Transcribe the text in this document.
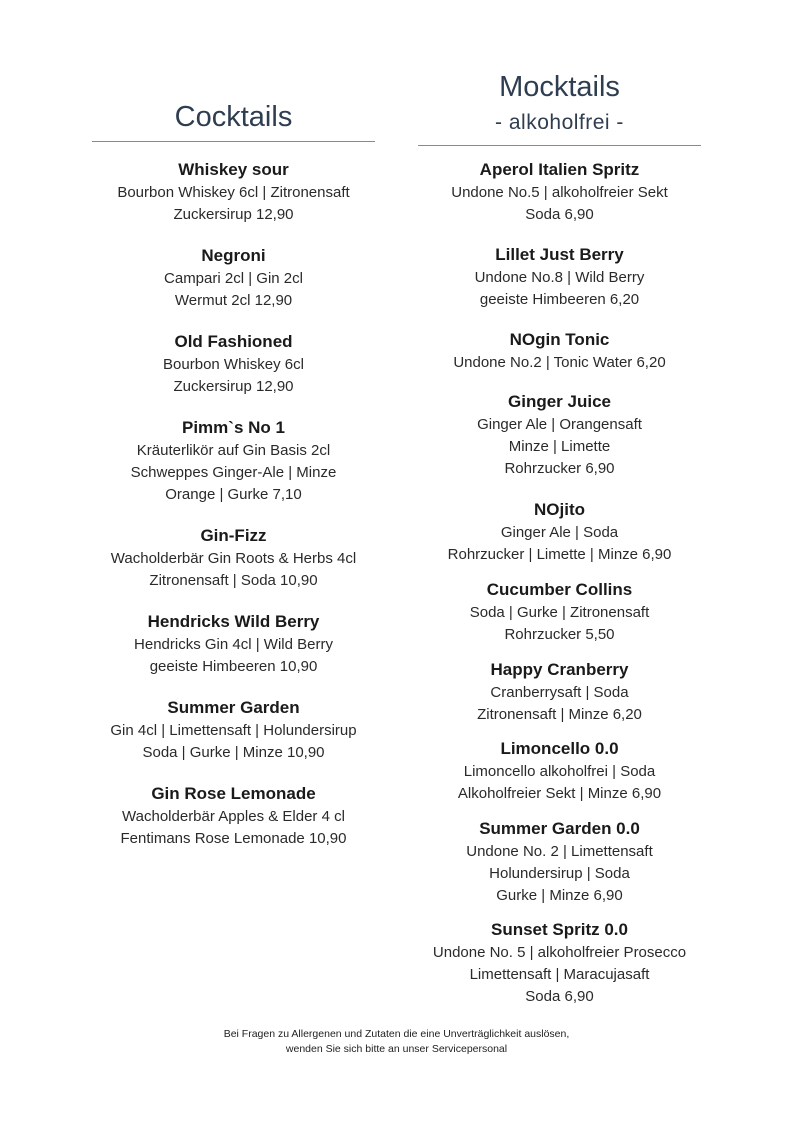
Cocktails
Whiskey sour
Bourbon Whiskey 6cl | Zitronensaft
Zuckersirup 12,90
Negroni
Campari 2cl | Gin 2cl
Wermut 2cl 12,90
Old Fashioned
Bourbon Whiskey 6cl
Zuckersirup 12,90
Pimm`s No 1
Kräuterlikör auf Gin Basis 2cl
Schweppes Ginger-Ale | Minze
Orange | Gurke 7,10
Gin-Fizz
Wacholderbär Gin Roots & Herbs 4cl
Zitronensaft | Soda 10,90
Hendricks Wild Berry
Hendricks Gin 4cl | Wild Berry
geeiste Himbeeren 10,90
Summer Garden
Gin 4cl | Limettensaft | Holundersirup
Soda | Gurke | Minze 10,90
Gin Rose Lemonade
Wacholderbär Apples & Elder 4 cl
Fentimans Rose Lemonade 10,90
Mocktails
- alkoholfrei -
Aperol Italien Spritz
Undone No.5 | alkoholfreier Sekt
Soda 6,90
Lillet Just Berry
Undone No.8 | Wild Berry
geeiste Himbeeren 6,20
NOgin Tonic
Undone No.2 | Tonic Water 6,20
Ginger Juice
Ginger Ale | Orangensaft
Minze | Limette
Rohrzucker 6,90
NOjito
Ginger Ale | Soda
Rohrzucker | Limette | Minze 6,90
Cucumber Collins
Soda | Gurke | Zitronensaft
Rohrzucker 5,50
Happy Cranberry
Cranberrysaft | Soda
Zitronensaft | Minze 6,20
Limoncello 0.0
Limoncello alkoholfrei | Soda
Alkoholfreier Sekt | Minze 6,90
Summer Garden 0.0
Undone No. 2 | Limettensaft
Holundersirup | Soda
Gurke | Minze 6,90
Sunset Spritz 0.0
Undone No. 5 | alkoholfreier Prosecco
Limettensaft | Maracujasaft
Soda 6,90
Bei Fragen zu Allergenen und Zutaten die eine Unverträglichkeit auslösen,
wenden Sie sich bitte an unser Servicepersonal
